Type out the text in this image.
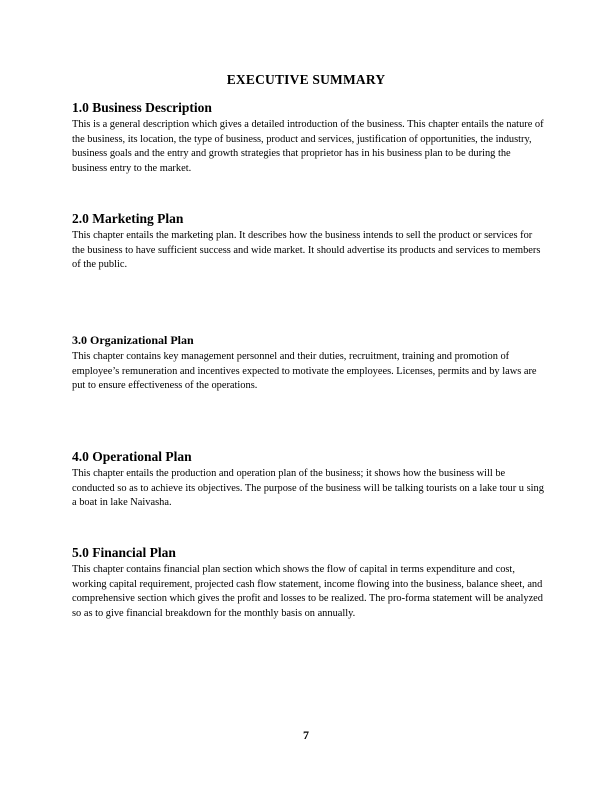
EXECUTIVE SUMMARY
1.0 Business Description

This is a general description which gives a detailed introduction of the business. This chapter entails the nature of the business, its location, the type of business, product and services, justification of opportunities, the industry, business goals and the entry and growth strategies that proprietor has in his business plan to be during the business entry to the market.

2.0 Marketing Plan

This chapter entails the marketing plan. It describes how the business intends to sell the product or services for the business to have sufficient success and wide market. It should advertise its products and services to members of the public.

3.0 Organizational Plan

This chapter contains key management personnel and their duties, recruitment, training and promotion of employee’s remuneration and incentives expected to motivate the employees. Licenses, permits and by laws are put to ensure effectiveness of the operations.

4.0 Operational Plan

This chapter entails the production and operation plan of the business; it shows how the business will be conducted so as to achieve its objectives. The purpose of the business will be talking tourists on a lake tour u sing a boat in lake Naivasha.

5.0 Financial Plan

This chapter contains financial plan section which shows the flow of capital in terms expenditure and cost, working capital requirement, projected cash flow statement, income flowing into the business, balance sheet, and comprehensive section which gives the profit and losses to be realized. The pro-forma statement will be analyzed so as to give financial breakdown for the monthly basis on annually.

7
